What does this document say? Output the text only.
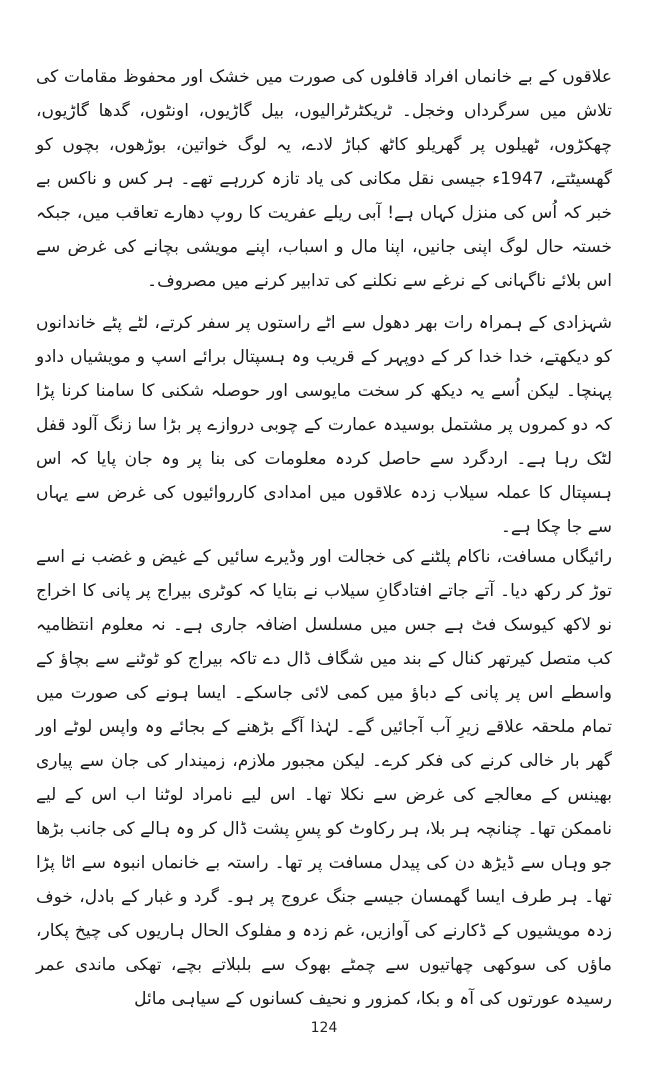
علاقوں کے بے خانماں افراد قافلوں کی صورت میں خشک اور محفوظ مقامات کی تلاش میں سرگرداں وخجل۔ ٹریکٹرٹرالیوں، بیل گاڑیوں، اونٹوں، گدھا گاڑیوں، چھکڑوں، ٹھیلوں پر گھریلو کاٹھ کباڑ لادے، یہ لوگ خواتین، بوڑھوں، بچوں کو گھسیٹتے، 1947ء جیسی نقل مکانی کی یاد تازہ کررہے تھے۔ ہر کس و ناکس بے خبر کہ اُس کی منزل کہاں ہے! آبی ریلے عفریت کا روپ دھارے تعاقب میں، جبکہ خستہ حال لوگ اپنی جانیں، اپنا مال و اسباب، اپنے مویشی بچانے کی غرض سے اس بلائے ناگہانی کے نرغے سے نکلنے کی تدابیر کرنے میں مصروف۔

شہزادی کے ہمراہ رات بھر دھول سے اٹے راستوں پر سفر کرتے، لٹے پٹے خاندانوں کو دیکھتے، خدا خدا کر کے دوپہر کے قریب وہ ہسپتال برائے اسپ و مویشیاں دادو پہنچا۔ لیکن اُسے یہ دیکھ کر سخت مایوسی اور حوصلہ شکنی کا سامنا کرنا پڑا کہ دو کمروں پر مشتمل بوسیدہ عمارت کے چوبی دروازے پر بڑا سا زنگ آلود قفل لٹک رہا ہے۔ اردگرد سے حاصل کردہ معلومات کی بنا پر وہ جان پایا کہ اس ہسپتال کا عملہ سیلاب زدہ علاقوں میں امدادی کارروائیوں کی غرض سے یہاں سے جا چکا ہے۔

رائیگاں مسافت، ناکام پلٹنے کی خجالت اور وڈیرے سائیں کے غیض و غضب نے اسے توڑ کر رکھ دیا۔ آتے جاتے افتادگانِ سیلاب نے بتایا کہ کوٹری بیراج پر پانی کا اخراج نو لاکھ کیوسک فٹ ہے جس میں مسلسل اضافہ جاری ہے۔ نہ معلوم انتظامیہ کب متصل کیرتھر کنال کے بند میں شگاف ڈال دے تاکہ بیراج کو ٹوٹنے سے بچاؤ کے واسطے اس پر پانی کے دباؤ میں کمی لائی جاسکے۔ ایسا ہونے کی صورت میں تمام ملحقہ علاقے زیرِ آب آجائیں گے۔ لہٰذا آگے بڑھنے کے بجائے وہ واپس لوٹے اور گھر بار خالی کرنے کی فکر کرے۔ لیکن مجبور ملازم، زمیندار کی جان سے پیاری بھینس کے معالجے کی غرض سے نکلا تھا۔ اس لیے نامراد لوٹنا اب اس کے لیے ناممکن تھا۔ چنانچہ ہر بلا، ہر رکاوٹ کو پسِ پشت ڈال کر وہ ہالے کی جانب بڑھا جو وہاں سے ڈیڑھ دن کی پیدل مسافت پر تھا۔ راستہ بے خانماں انبوہ سے اٹا پڑا تھا۔ ہر طرف ایسا گھمسان جیسے جنگ عروج پر ہو۔ گرد و غبار کے بادل، خوف زدہ مویشیوں کے ڈکارنے کی آوازیں، غم زدہ و مفلوک الحال ہاریوں کی چیخ پکار، ماؤں کی سوکھی چھاتیوں سے چمٹے بھوک سے بلبلاتے بچے، تھکی ماندی عمر رسیدہ عورتوں کی آہ و بکا، کمزور و نحیف کسانوں کے سیاہی مائل

124
